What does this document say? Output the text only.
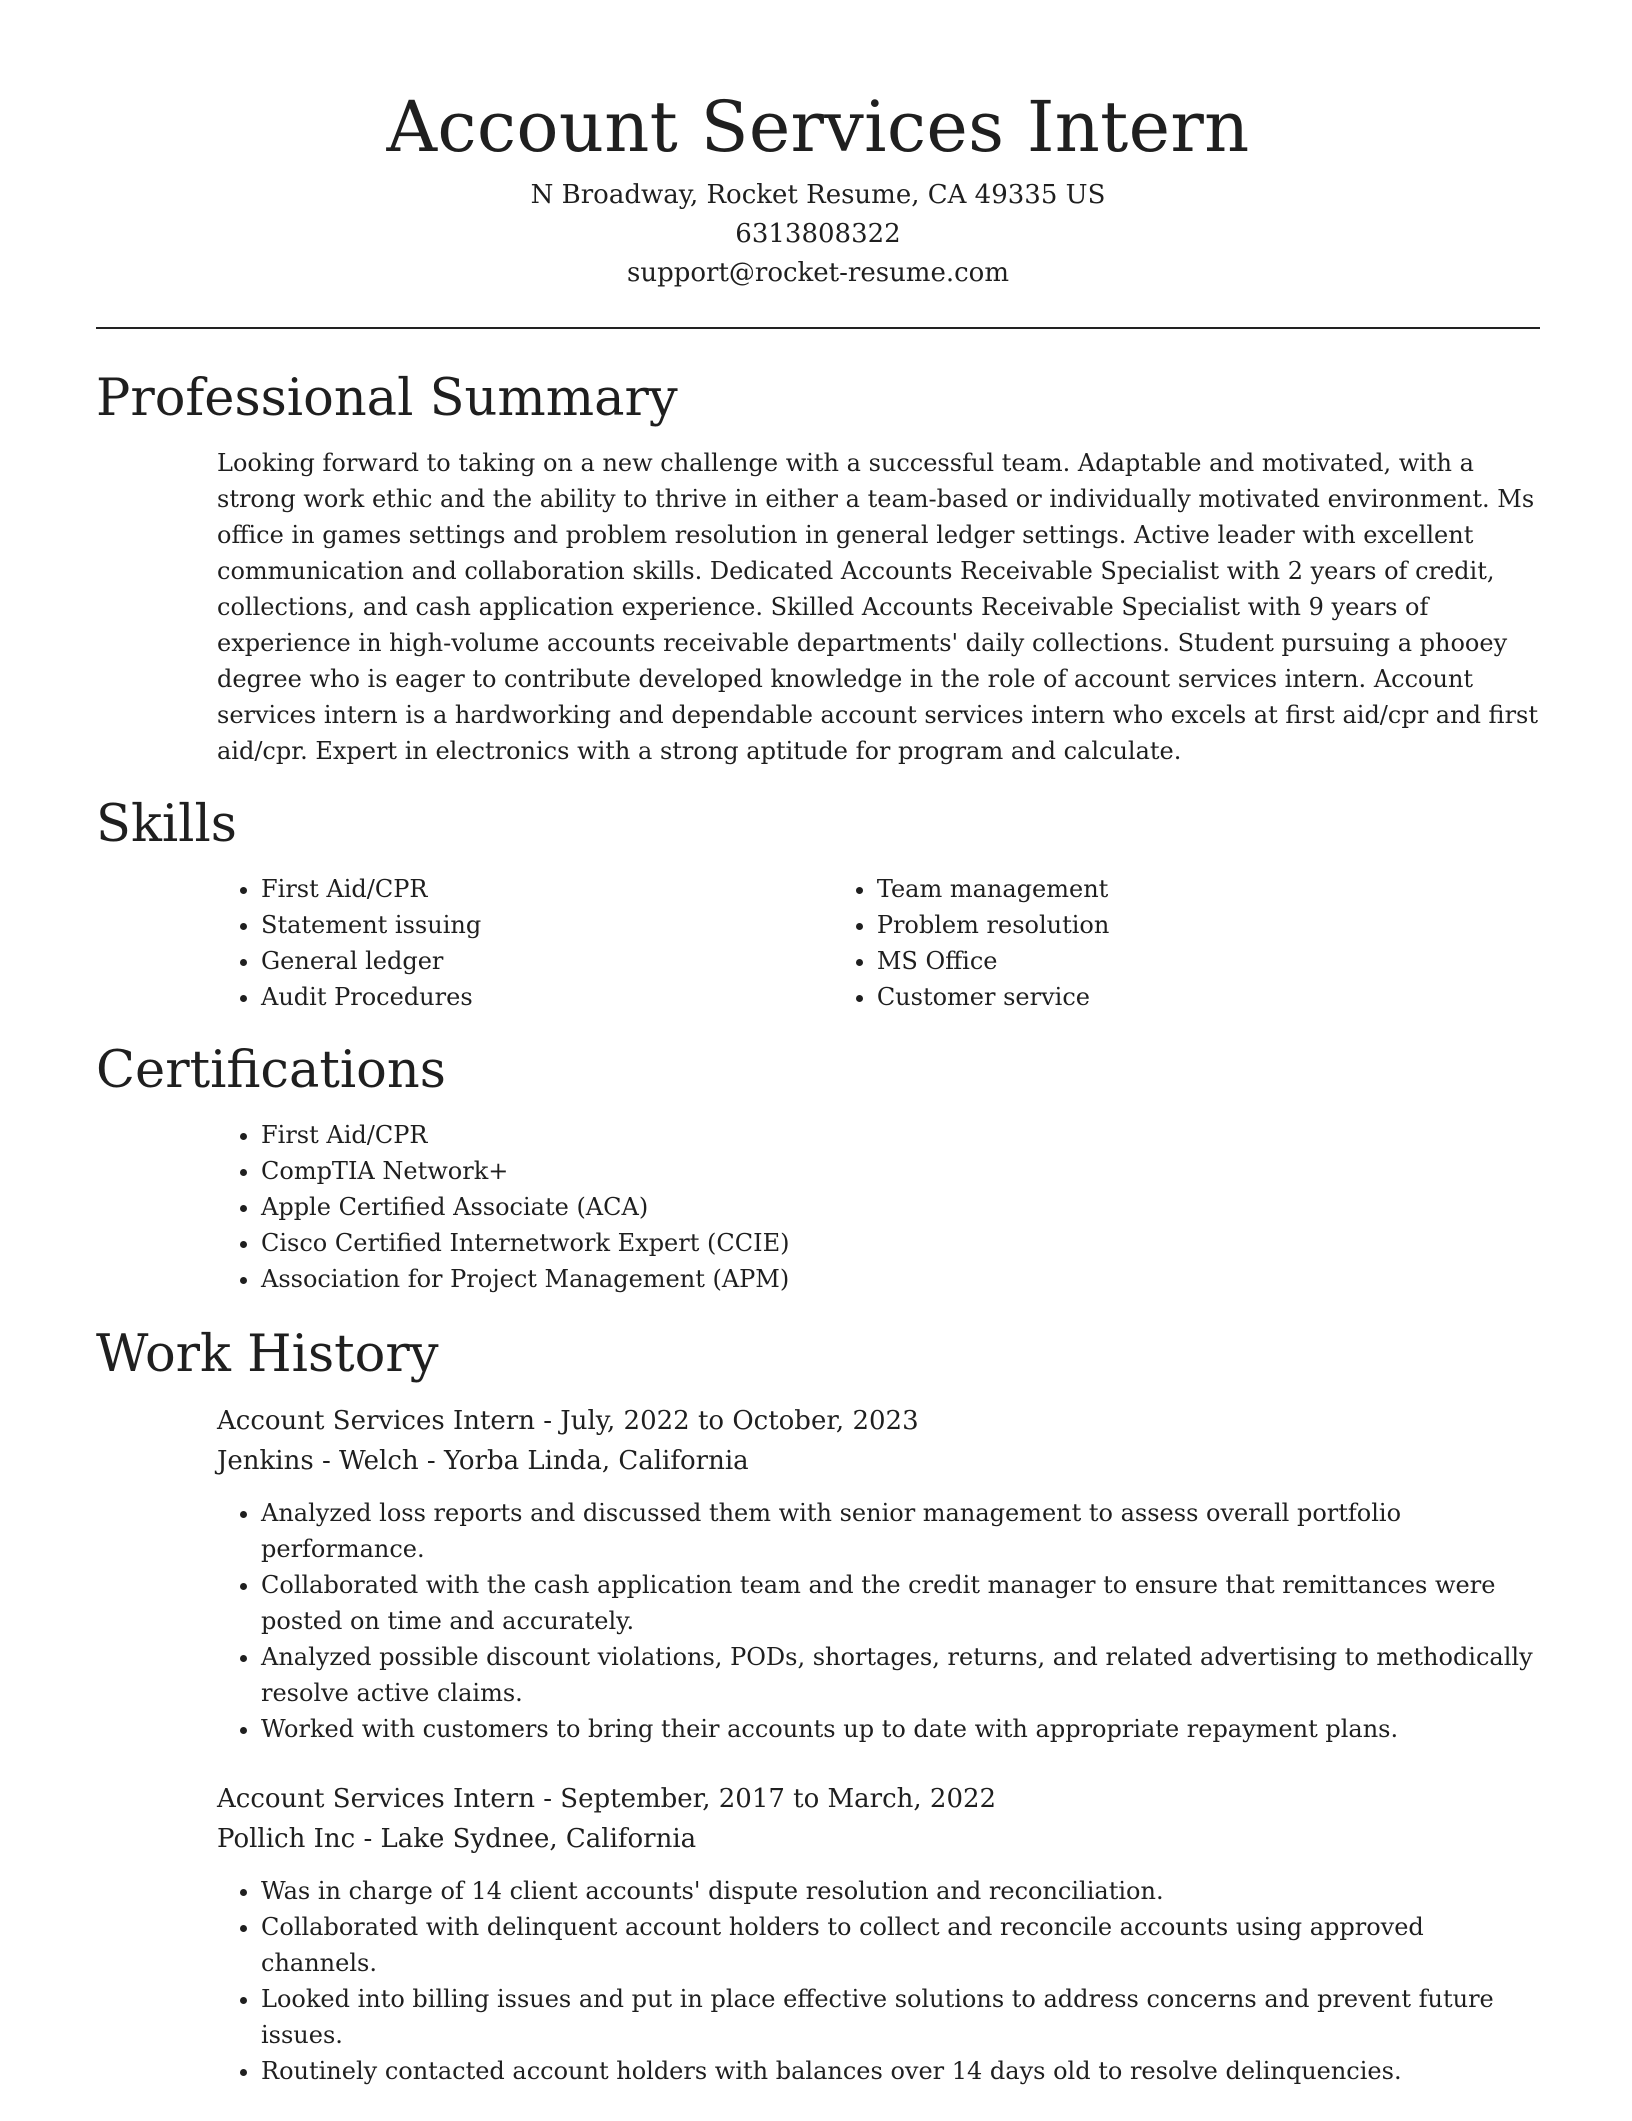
Account Services Intern
N Broadway, Rocket Resume, CA 49335 US
6313808322
support@rocket-resume.com
Professional Summary

Looking forward to taking on a new challenge with a successful team. Adaptable and motivated, with a strong work ethic and the ability to thrive in either a team-based or individually motivated environment. Ms office in games settings and problem resolution in general ledger settings. Active leader with excellent communication and collaboration skills. Dedicated Accounts Receivable Specialist with 2 years of credit, collections, and cash application experience. Skilled Accounts Receivable Specialist with 9 years of experience in high-volume accounts receivable departments' daily collections. Student pursuing a phooey degree who is eager to contribute developed knowledge in the role of account services intern. Account services intern is a hardworking and dependable account services intern who excels at first aid/cpr and first aid/cpr. Expert in electronics with a strong aptitude for program and calculate.

Skills
• First Aid/CPR
• Statement issuing
• General ledger
• Audit Procedures
• Team management
• Problem resolution
• MS Office
• Customer service
Certifications
• First Aid/CPR
• CompTIA Network+
• Apple Certified Associate (ACA)
• Cisco Certified Internetwork Expert (CCIE)
• Association for Project Management (APM)
Work History
Account Services Intern - July, 2022 to October, 2023
Jenkins - Welch - Yorba Linda, California
• Analyzed loss reports and discussed them with senior management to assess overall portfolio performance.
• Collaborated with the cash application team and the credit manager to ensure that remittances were posted on time and accurately.
• Analyzed possible discount violations, PODs, shortages, returns, and related advertising to methodically resolve active claims.
• Worked with customers to bring their accounts up to date with appropriate repayment plans.
Account Services Intern - September, 2017 to March, 2022
Pollich Inc - Lake Sydnee, California
• Was in charge of 14 client accounts' dispute resolution and reconciliation.
• Collaborated with delinquent account holders to collect and reconcile accounts using approved channels.
• Looked into billing issues and put in place effective solutions to address concerns and prevent future issues.
• Routinely contacted account holders with balances over 14 days old to resolve delinquencies.
